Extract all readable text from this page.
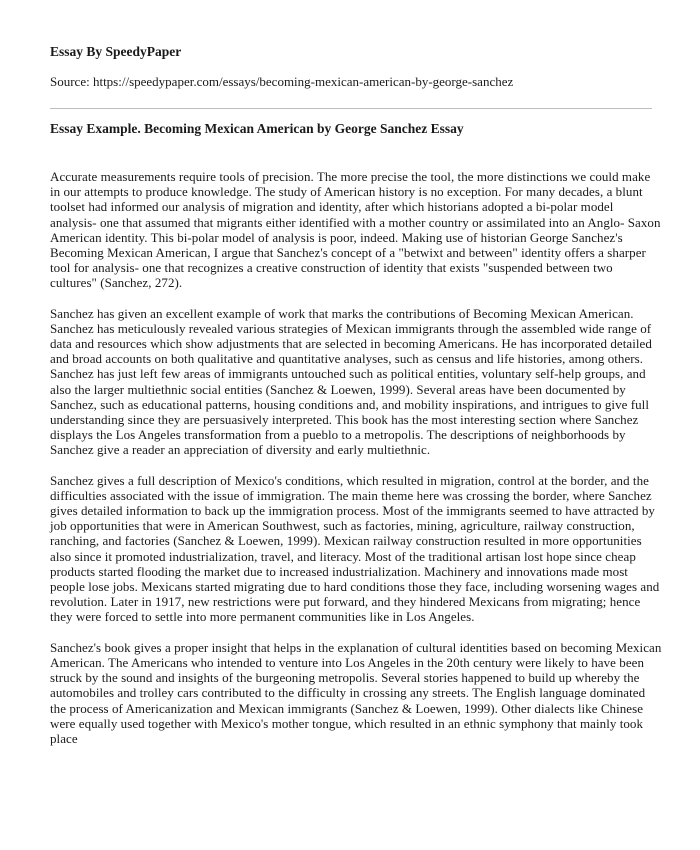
Essay By SpeedyPaper

Source: https://speedypaper.com/essays/becoming-mexican-american-by-george-sanchez

Essay Example. Becoming Mexican American by George Sanchez Essay

Accurate measurements require tools of precision. The more precise the tool, the more distinctions we could make in our attempts to produce knowledge. The study of American history is no exception. For many decades, a blunt toolset had informed our analysis of migration and identity, after which historians adopted a bi-polar model analysis- one that assumed that migrants either identified with a mother country or assimilated into an Anglo- Saxon American identity. This bi-polar model of analysis is poor, indeed. Making use of historian George Sanchez's Becoming Mexican American, I argue that Sanchez's concept of a "betwixt and between" identity offers a sharper tool for analysis- one that recognizes a creative construction of identity that exists "suspended between two cultures" (Sanchez, 272).

Sanchez has given an excellent example of work that marks the contributions of Becoming Mexican American. Sanchez has meticulously revealed various strategies of Mexican immigrants through the assembled wide range of data and resources which show adjustments that are selected in becoming Americans. He has incorporated detailed and broad accounts on both qualitative and quantitative analyses, such as census and life histories, among others. Sanchez has just left few areas of immigrants untouched such as political entities, voluntary self-help groups, and also the larger multiethnic social entities (Sanchez & Loewen, 1999). Several areas have been documented by Sanchez, such as educational patterns, housing conditions and, and mobility inspirations, and intrigues to give full understanding since they are persuasively interpreted. This book has the most interesting section where Sanchez displays the Los Angeles transformation from a pueblo to a metropolis. The descriptions of neighborhoods by Sanchez give a reader an appreciation of diversity and early multiethnic.

Sanchez gives a full description of Mexico's conditions, which resulted in migration, control at the border, and the difficulties associated with the issue of immigration. The main theme here was crossing the border, where Sanchez gives detailed information to back up the immigration process. Most of the immigrants seemed to have attracted by job opportunities that were in American Southwest, such as factories, mining, agriculture, railway construction, ranching, and factories (Sanchez & Loewen, 1999). Mexican railway construction resulted in more opportunities also since it promoted industrialization, travel, and literacy. Most of the traditional artisan lost hope since cheap products started flooding the market due to increased industrialization. Machinery and innovations made most people lose jobs. Mexicans started migrating due to hard conditions those they face, including worsening wages and revolution. Later in 1917, new restrictions were put forward, and they hindered Mexicans from migrating; hence they were forced to settle into more permanent communities like in Los Angeles.

Sanchez's book gives a proper insight that helps in the explanation of cultural identities based on becoming Mexican American. The Americans who intended to venture into Los Angeles in the 20th century were likely to have been struck by the sound and insights of the burgeoning metropolis. Several stories happened to build up whereby the automobiles and trolley cars contributed to the difficulty in crossing any streets. The English language dominated the process of Americanization and Mexican immigrants (Sanchez & Loewen, 1999). Other dialects like Chinese were equally used together with Mexico's mother tongue, which resulted in an ethnic symphony that mainly took place
